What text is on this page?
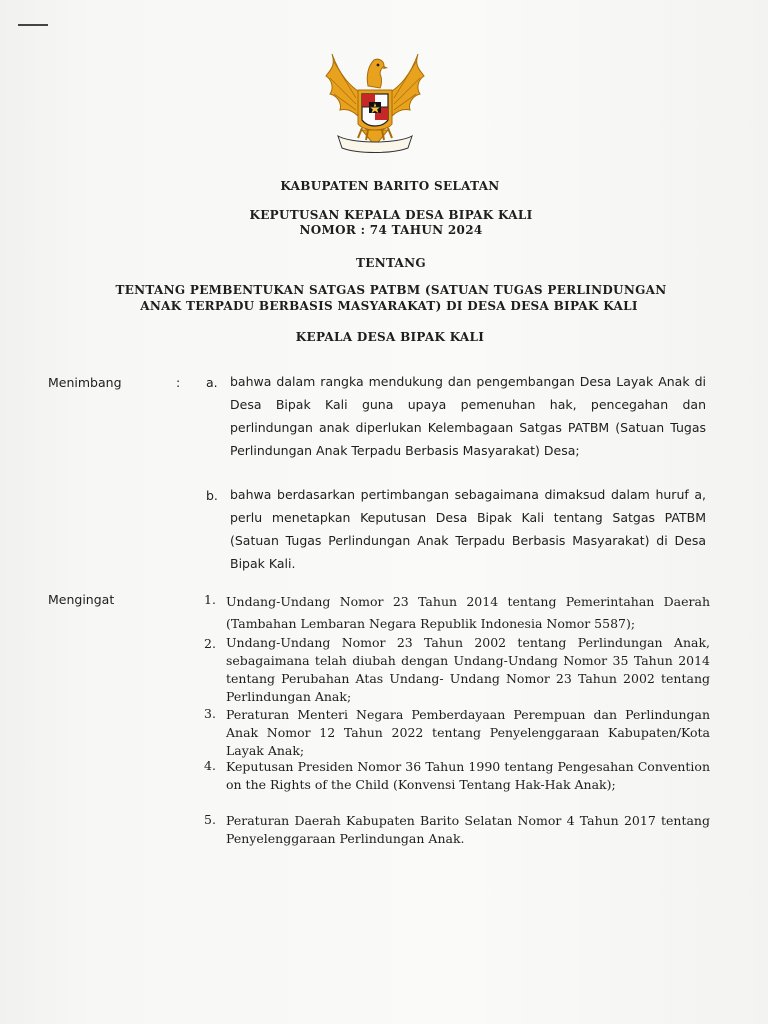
KABUPATEN BARITO SELATAN
KEPUTUSAN KEPALA DESA BIPAK KALI
NOMOR : 74 TAHUN 2024
TENTANG
TENTANG PEMBENTUKAN SATGAS PATBM (SATUAN TUGAS PERLINDUNGAN
ANAK TERPADU BERBASIS MASYARAKAT) DI DESA DESA BIPAK KALI
KEPALA DESA BIPAK KALI
Menimbang	: a. bahwa dalam rangka mendukung dan pengembangan Desa Layak Anak di Desa Bipak Kali guna upaya pemenuhan hak, pencegahan dan perlindungan anak diperlukan Kelembagaan Satgas PATBM (Satuan Tugas Perlindungan Anak Terpadu Berbasis Masyarakat) Desa;

b. bahwa berdasarkan pertimbangan sebagaimana dimaksud dalam huruf a, perlu menetapkan Keputusan Desa Bipak Kali tentang Satgas PATBM (Satuan Tugas Perlindungan Anak Terpadu Berbasis Masyarakat) di Desa Bipak Kali.

Mengingat	1. Undang-Undang Nomor 23 Tahun 2014 tentang Pemerintahan Daerah (Tambahan Lembaran Negara Republik Indonesia Nomor 5587);

2. Undang-Undang Nomor 23 Tahun 2002 tentang Perlindungan Anak, sebagaimana telah diubah dengan Undang-Undang Nomor 35 Tahun 2014 tentang Perubahan Atas Undang- Undang Nomor 23 Tahun 2002 tentang Perlindungan Anak;

3. Peraturan Menteri Negara Pemberdayaan Perempuan dan Perlindungan Anak Nomor 12 Tahun 2022 tentang Penyelenggaraan Kabupaten/Kota Layak Anak;

4. Keputusan Presiden Nomor 36 Tahun 1990 tentang Pengesahan Convention on the Rights of the Child (Konvensi Tentang Hak-Hak Anak);

5. Peraturan Daerah Kabupaten Barito Selatan Nomor 4 Tahun 2017 tentang Penyelenggaraan Perlindungan Anak.
